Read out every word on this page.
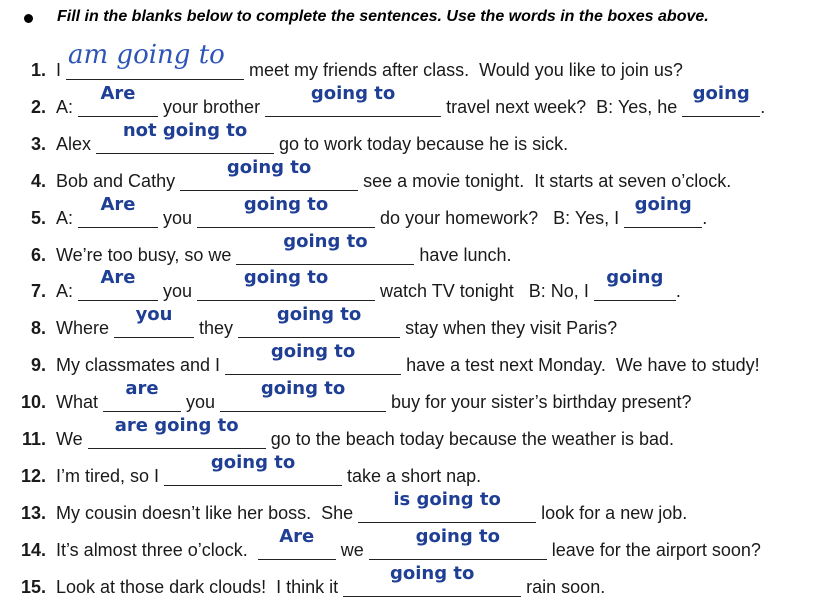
Fill in the blanks below to complete the sentences. Use the words in the boxes above.
1. I am going to	meet my friends after class.  Would you like to join us?
2. A:
Are
your brother
going to
travel next week?  B: Yes, he
going
.
3. Alex
not going to
go to work today because he is sick.
4. Bob and Cathy
going to
see a movie tonight.  It starts at seven o’clock.
5. A:
Are
you
going to
do your homework?   B: Yes, I
going
.
6. We’re too busy, so we
going to
have lunch.
7. A:
Are
you
going to
watch TV tonight   B: No, I
going
.
8. Where
you
they
going to
stay when they visit Paris?
9. My classmates and I
going to
have a test next Monday.  We have to study!
10. What
are
you
going to
buy for your sister’s birthday present?
11. We
are going to
go to the beach today because the weather is bad.
12. I’m tired, so I
going to
take a short nap.
13. My cousin doesn’t like her boss.  She
is going to
look for a new job.
14. It’s almost three o’clock.
Are
we
going to
leave for the airport soon?
15. Look at those dark clouds!  I think it
going to
rain soon.
